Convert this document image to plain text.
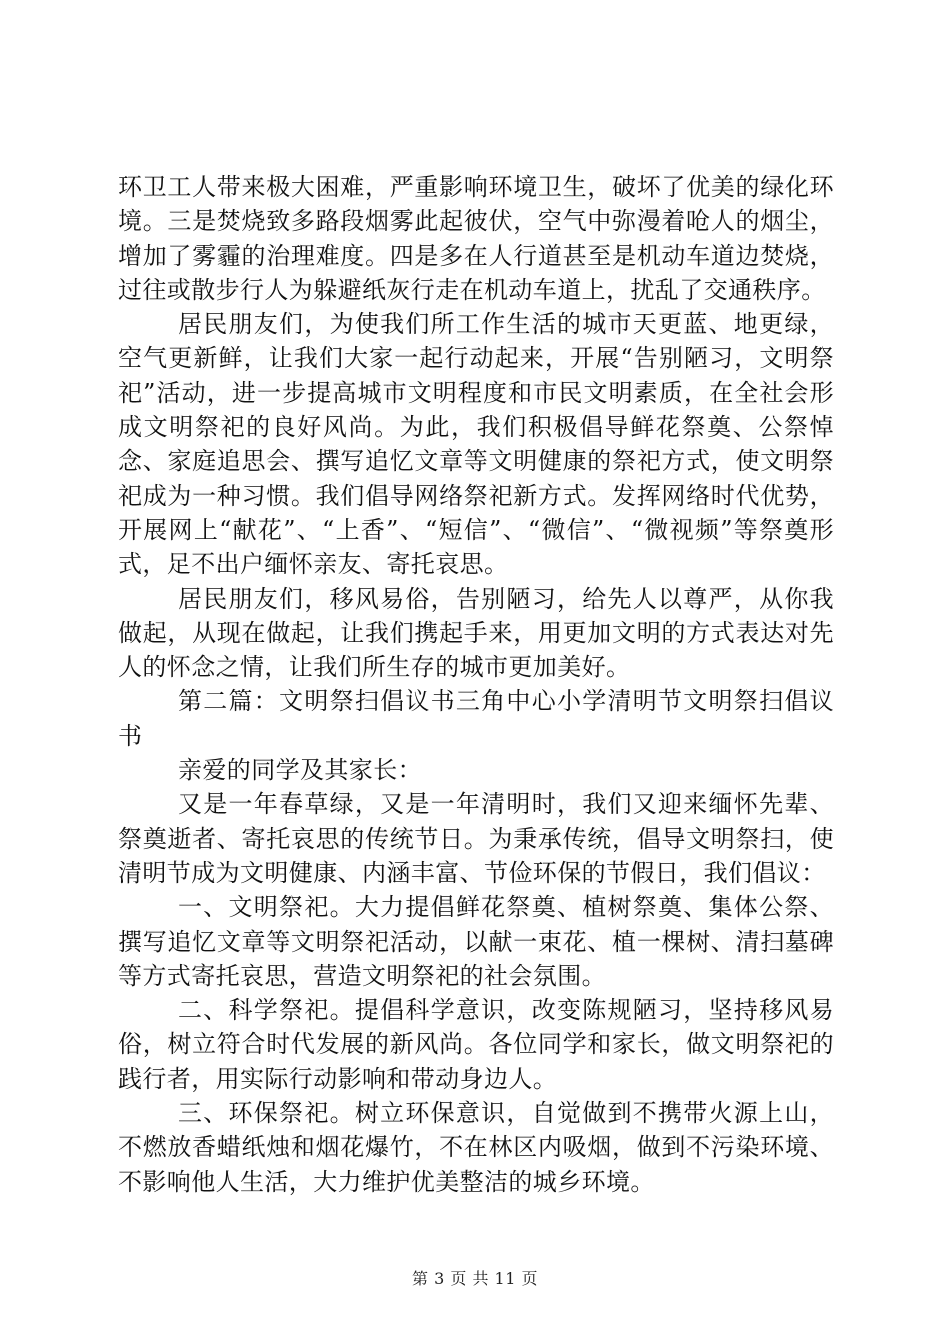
环卫工人带来极大困难，严重影响环境卫生，破坏了优美的绿化环境。三是焚烧致多路段烟雾此起彼伏，空气中弥漫着呛人的烟尘，增加了雾霾的治理难度。四是多在人行道甚至是机动车道边焚烧，过往或散步行人为躲避纸灰行走在机动车道上，扰乱了交通秩序。

居民朋友们，为使我们所工作生活的城市天更蓝、地更绿，空气更新鲜，让我们大家一起行动起来，开展“告别陋习，文明祭祀”活动，进一步提高城市文明程度和市民文明素质，在全社会形成文明祭祀的良好风尚。为此，我们积极倡导鲜花祭奠、公祭悼念、家庭追思会、撰写追忆文章等文明健康的祭祀方式，使文明祭祀成为一种习惯。我们倡导网络祭祀新方式。发挥网络时代优势，开展网上“献花”、“上香”、“短信”、“微信”、“微视频”等祭奠形式，足不出户缅怀亲友、寄托哀思。

居民朋友们，移风易俗，告别陋习，给先人以尊严，从你我做起，从现在做起，让我们携起手来，用更加文明的方式表达对先人的怀念之情，让我们所生存的城市更加美好。

第二篇：文明祭扫倡议书三角中心小学清明节文明祭扫倡议书

亲爱的同学及其家长：

又是一年春草绿，又是一年清明时，我们又迎来缅怀先辈、祭奠逝者、寄托哀思的传统节日。为秉承传统，倡导文明祭扫，使清明节成为文明健康、内涵丰富、节俭环保的节假日，我们倡议：

一、文明祭祀。大力提倡鲜花祭奠、植树祭奠、集体公祭、撰写追忆文章等文明祭祀活动，以献一束花、植一棵树、清扫墓碑等方式寄托哀思，营造文明祭祀的社会氛围。

二、科学祭祀。提倡科学意识，改变陈规陋习，坚持移风易俗，树立符合时代发展的新风尚。各位同学和家长，做文明祭祀的践行者，用实际行动影响和带动身边人。

三、环保祭祀。树立环保意识，自觉做到不携带火源上山，不燃放香蜡纸烛和烟花爆竹，不在林区内吸烟，做到不污染环境、不影响他人生活，大力维护优美整洁的城乡环境。

第 3 页 共 11 页
